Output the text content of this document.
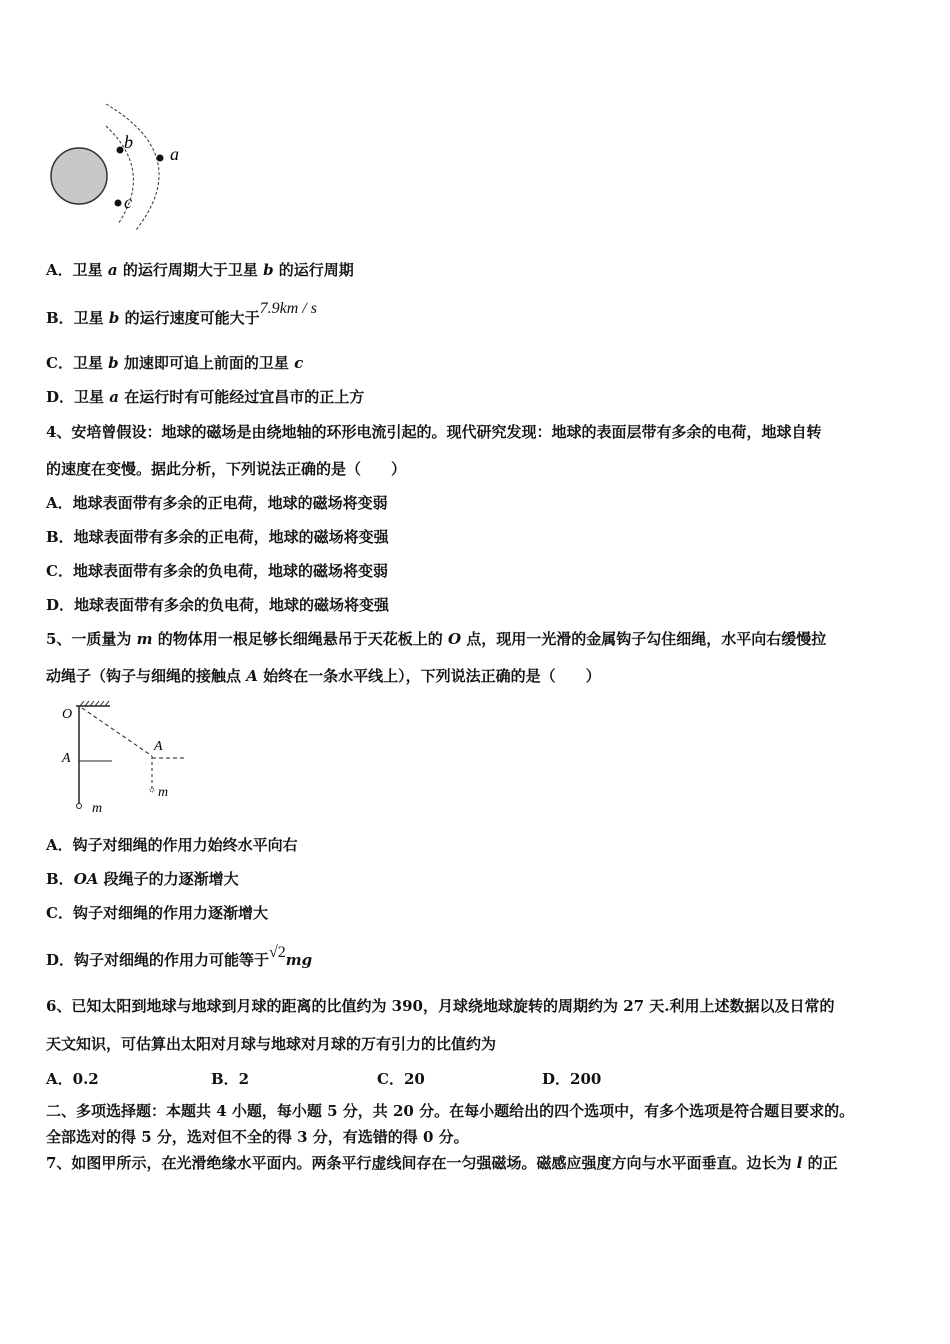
a
b
c
A．卫星 a 的运行周期大于卫星 b 的运行周期
B．卫星 b 的运行速度可能大于7.9km / s
C．卫星 b 加速即可追上前面的卫星 c
D．卫星 a 在运行时有可能经过宜昌市的正上方
4、安培曾假设：地球的磁场是由绕地轴的环形电流引起的。现代研究发现：地球的表面层带有多余的电荷，地球自转
的速度在变慢。据此分析，下列说法正确的是（　　）
A．地球表面带有多余的正电荷，地球的磁场将变弱
B．地球表面带有多余的正电荷，地球的磁场将变强
C．地球表面带有多余的负电荷，地球的磁场将变弱
D．地球表面带有多余的负电荷，地球的磁场将变强
5、一质量为 m 的物体用一根足够长细绳悬吊于天花板上的 O 点，现用一光滑的金属钩子勾住细绳，水平向右缓慢拉
动绳子（钩子与细绳的接触点 A 始终在一条水平线上），下列说法正确的是（　　）
O
A
m
A
m
A．钩子对细绳的作用力始终水平向右
B．OA 段绳子的力逐渐增大
C．钩子对细绳的作用力逐渐增大
D．钩子对细绳的作用力可能等于√2mg
6、已知太阳到地球与地球到月球的距离的比值约为 390，月球绕地球旋转的周期约为 27 天.利用上述数据以及日常的
天文知识，可估算出太阳对月球与地球对月球的万有引力的比值约为
A．0.2	B．2	C．20	D．200
二、多项选择题：本题共 4 小题，每小题 5 分，共 20 分。在每小题给出的四个选项中，有多个选项是符合题目要求的。
全部选对的得 5 分，选对但不全的得 3 分，有选错的得 0 分。
7、如图甲所示，在光滑绝缘水平面内。两条平行虚线间存在一匀强磁场。磁感应强度方向与水平面垂直。边长为 l 的正
